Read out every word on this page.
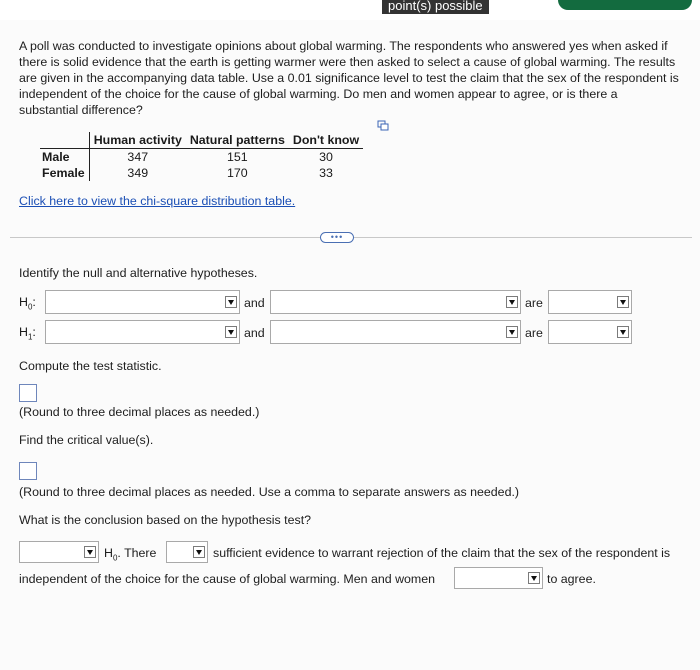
point(s) possible
A poll was conducted to investigate opinions about global warming. The respondents who answered yes when asked if there is solid evidence that the earth is getting warmer were then asked to select a cause of global warming. The results are given in the accompanying data table. Use a 0.01 significance level to test the claim that the sex of the respondent is independent of the choice for the cause of global warming. Do men and women appear to agree, or is there a substantial difference?
	Human activity	Natural patterns	Don't know
Male	347	151	30
Female	349	170	33
Click here to view the chi-square distribution table.
•••
Identify the null and alternative hypotheses.
$H_0$:	and	are
$H_1$:	and	are
Compute the test statistic.
(Round to three decimal places as needed.)
Find the critical value(s).
(Round to three decimal places as needed. Use a comma to separate answers as needed.)
What is the conclusion based on the hypothesis test?
$H_0$. There	sufficient evidence to warrant rejection of the claim that the sex of the respondent is
independent of the choice for the cause of global warming. Men and women	to agree.
